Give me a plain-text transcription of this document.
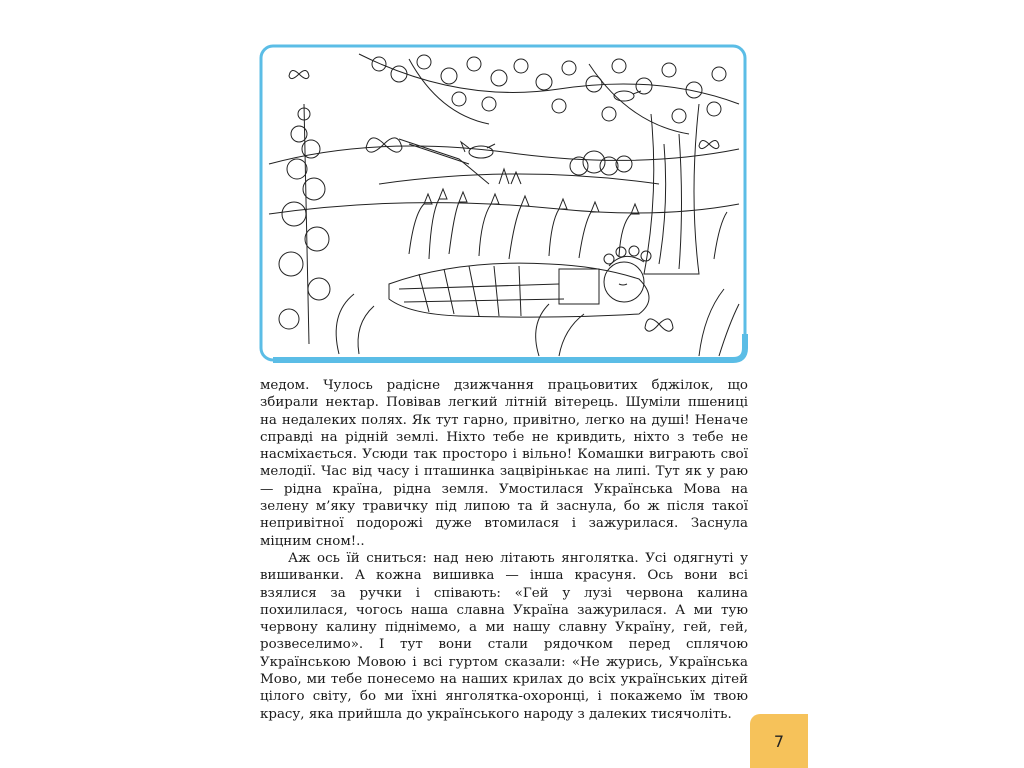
медом. Чулось радісне дзижчання працьовитих бджілок, що збирали нектар. Повівав легкий літній вітерець. Шуміли пшениці на недалеких полях. Як тут гарно, привітно, легко на душі! Неначе справді на рідній землі. Ніхто тебе не кривдить, ніхто з тебе не насміхається. Усюди так просторо і вільно! Комашки виграють свої мелодії. Час від часу і пташинка зацвірінькає на липі. Тут як у раю — рідна країна, рідна земля. Умостилася Українська Мова на зелену м’яку травичку під липою та й заснула, бо ж після такої непривітної подорожі дуже втомилася і зажурилася. Заснула міцним сном!..

Аж ось їй сниться: над нею літають янголятка. Усі одягнуті у вишиванки. А кожна вишивка — інша красуня. Ось вони всі взялися за ручки і співають: «Гей у лузі червона калина похилилася, чогось наша славна Україна зажурилася. А ми тую червону калину піднімемо, а ми нашу славну Україну, гей, гей, розвеселимо». І тут вони стали рядочком перед сплячою Українською Мовою і всі гуртом сказали: «Не журись, Українська Мово, ми тебе понесемо на наших крилах до всіх українських дітей цілого світу, бо ми їхні янголятка-охоронці, і покажемо їм твою красу, яка прийшла до українського народу з далеких тисячоліть.

7
